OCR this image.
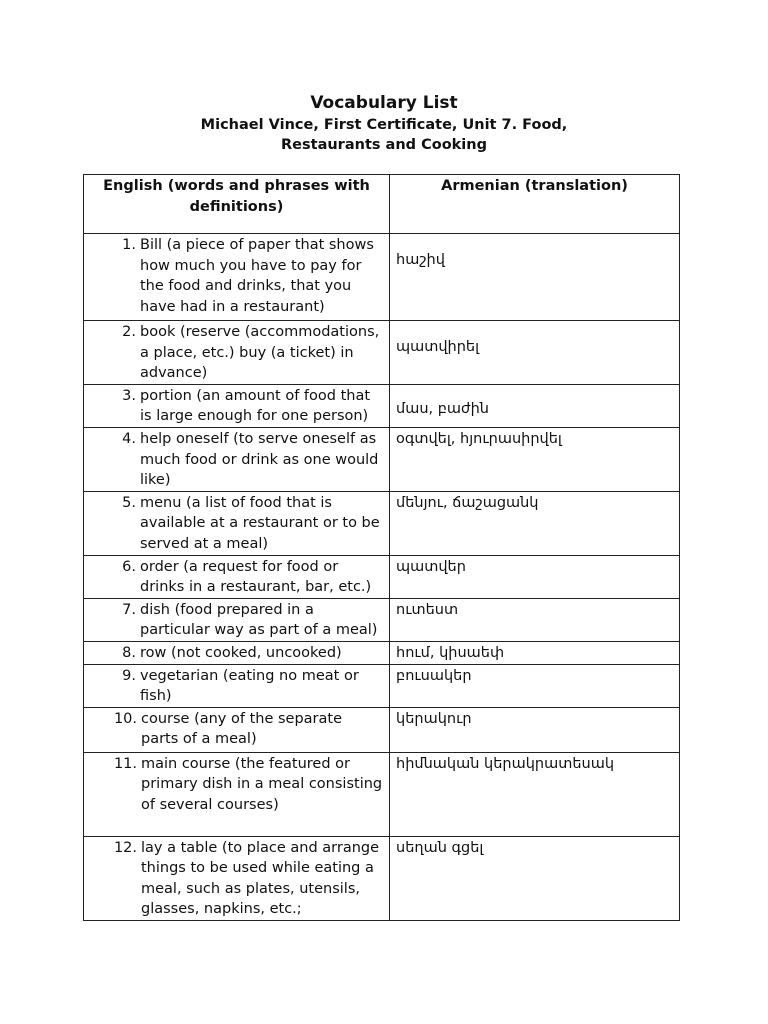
Vocabulary List
Michael Vince, First Certificate, Unit 7. Food,
Restaurants and Cooking
English (words and phrases with definitions)	Armenian (translation)

1. Bill (a piece of paper that shows how much you have to pay for the food and drinks, that you have had in a restaurant)	հաշիվ

2. book (reserve (accommodations, a place, etc.) buy (a ticket) in advance)	պատվիրել

3. portion (an amount of food that is large enough for one person)	մաս, բաժին

4. help oneself (to serve oneself as much food or drink as one would like)	օգտվել, հյուրասիրվել

5. menu (a list of food that is available at a restaurant or to be served at a meal)	մենյու, ճաշացանկ

6. order (a request for food or drinks in a restaurant, bar, etc.)	պատվեր

7. dish (food prepared in a particular way as part of a meal)	ուտեստ

8. row (not cooked, uncooked)	հում, կիսաեփ

9. vegetarian (eating no meat or fish)	բուսակեր

10. course (any of the separate parts of a meal)	կերակուր

11. main course (the featured or primary dish in a meal consisting of several courses)	հիմնական կերակրատեսակ

12. lay a table (to place and arrange things to be used while eating a meal, such as plates, utensils, glasses, napkins, etc.;	սեղան գցել
